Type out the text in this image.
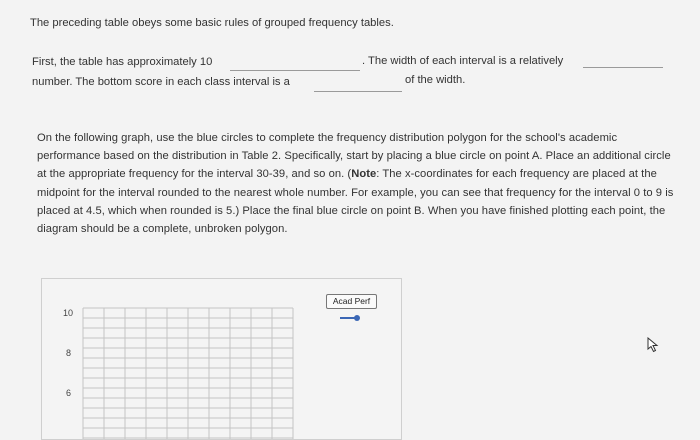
The preceding table obeys some basic rules of grouped frequency tables.
First, the table has approximately 10	. The width of each interval is a relatively
number. The bottom score in each class interval is a	of the width.
On the following graph, use the blue circles to complete the frequency distribution polygon for the school's academic performance based on the distribution in Table 2. Specifically, start by placing a blue circle on point A. Place an additional circle at the appropriate frequency for the interval 30-39, and so on. (Note: The x-coordinates for each frequency are placed at the midpoint for the interval rounded to the nearest whole number. For example, you can see that frequency for the interval 0 to 9 is placed at 4.5, which when rounded is 5.) Place the final blue circle on point B. When you have finished plotting each point, the diagram should be a complete, unbroken polygon.
10
8
6
Acad Perf
